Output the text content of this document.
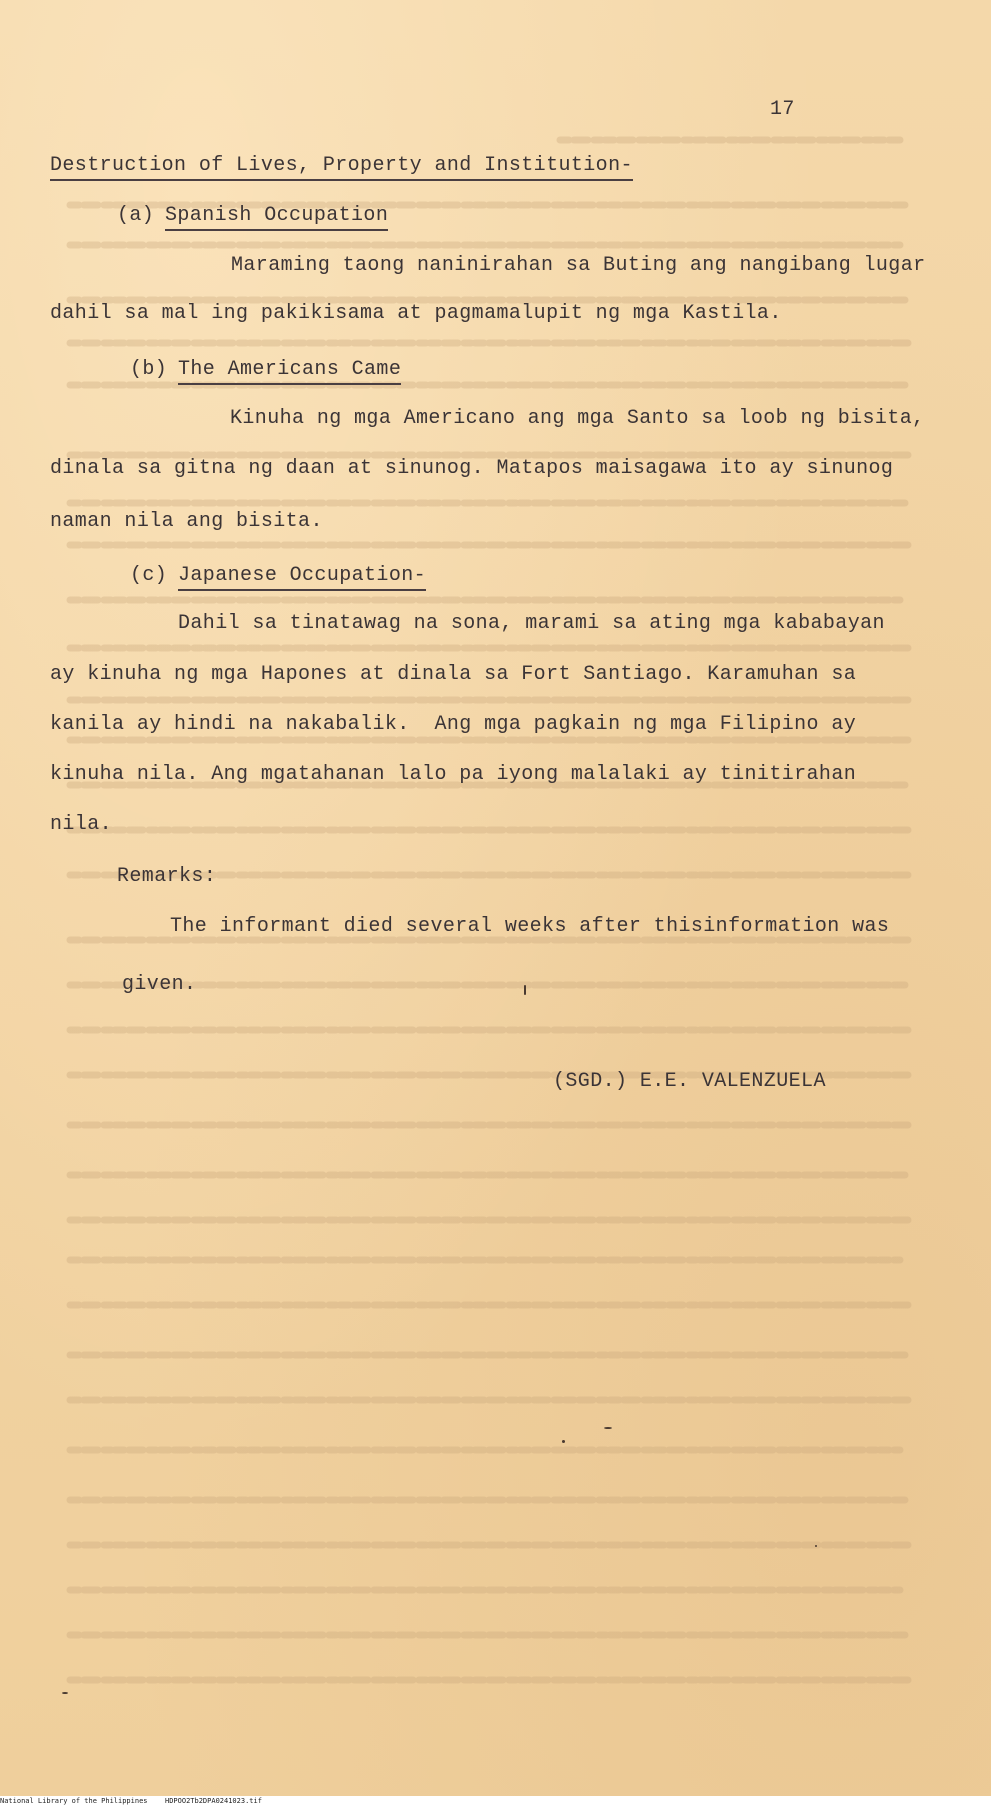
17
Destruction of Lives, Property and Institution-
(a) Spanish Occupation
Maraming taong naninirahan sa Buting ang nangibang lugar
dahil sa mal ing pakikisama at pagmamalupit ng mga Kastila.
(b) The Americans Came
Kinuha ng mga Americano ang mga Santo sa loob ng bisita,
dinala sa gitna ng daan at sinunog. Matapos maisagawa ito ay sinunog
naman nila ang bisita.
(c) Japanese Occupation-
Dahil sa tinatawag na sona, marami sa ating mga kababayan
ay kinuha ng mga Hapones at dinala sa Fort Santiago. Karamuhan sa
kanila ay hindi na nakabalik.  Ang mga pagkain ng mga Filipino ay
kinuha nila. Ang mgatahanan lalo pa iyong malalaki ay tinitirahan
nila.
Remarks:
The informant died several weeks after thisinformation was
given.
(SGD.) E.E. VALENZUELA
National Library of the Philippines HDPOO2Tb2DPA0241023.tif
